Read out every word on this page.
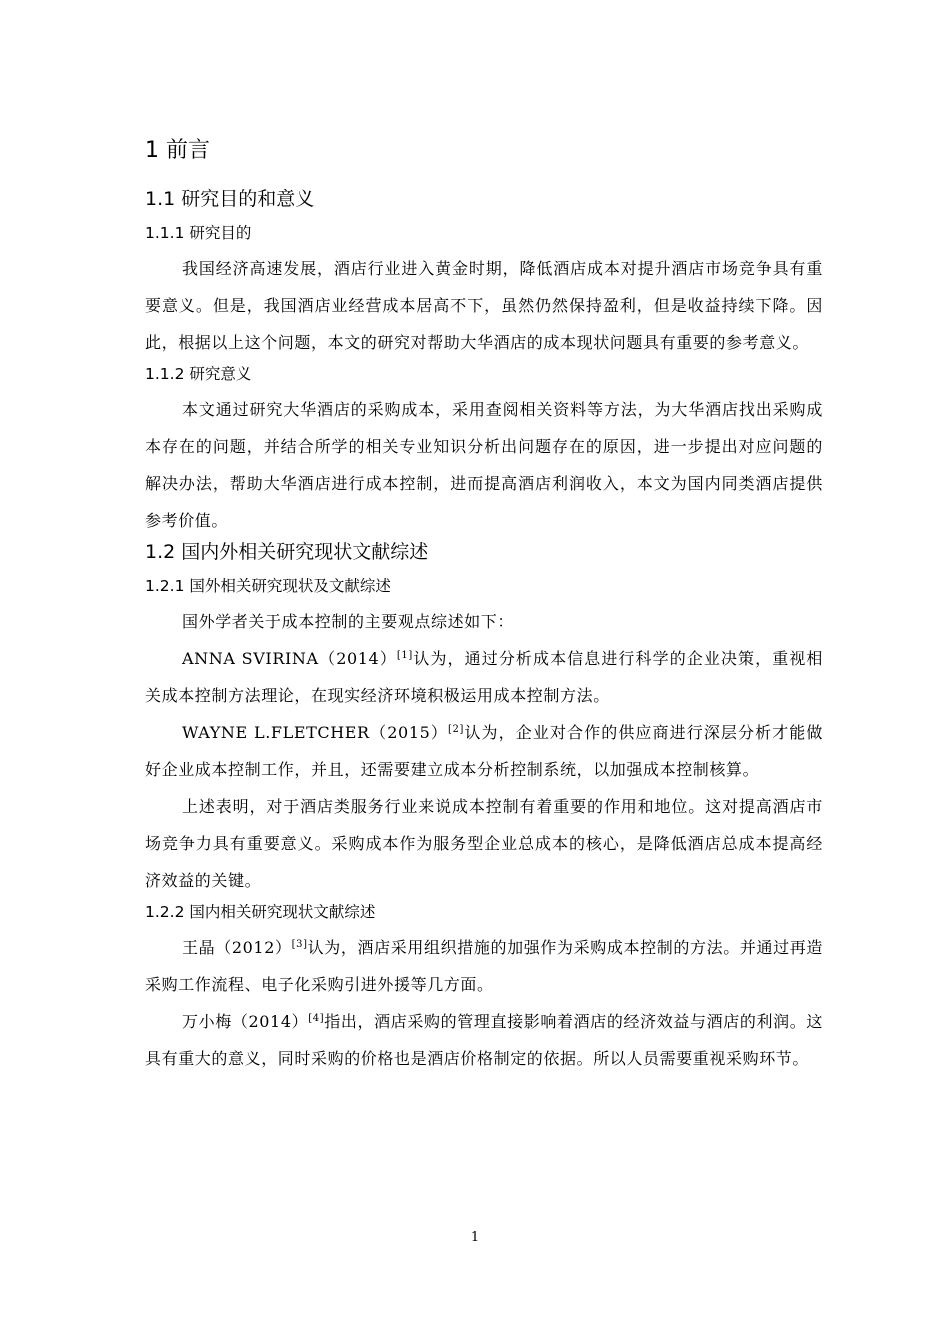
1 前言
1.1 研究目的和意义
1.1.1 研究目的

我国经济高速发展，酒店行业进入黄金时期，降低酒店成本对提升酒店市场竞争具有重要意义。但是，我国酒店业经营成本居高不下，虽然仍然保持盈利，但是收益持续下降。因此，根据以上这个问题，本文的研究对帮助大华酒店的成本现状问题具有重要的参考意义。

1.1.2 研究意义

本文通过研究大华酒店的采购成本，采用查阅相关资料等方法，为大华酒店找出采购成本存在的问题，并结合所学的相关专业知识分析出问题存在的原因，进一步提出对应问题的解决办法，帮助大华酒店进行成本控制，进而提高酒店利润收入，本文为国内同类酒店提供参考价值。

1.2 国内外相关研究现状文献综述
1.2.1 国外相关研究现状及文献综述

国外学者关于成本控制的主要观点综述如下：

ANNA SVIRINA（2014）[1]认为，通过分析成本信息进行科学的企业决策，重视相关成本控制方法理论，在现实经济环境积极运用成本控制方法。

WAYNE L.FLETCHER（2015）[2]认为，企业对合作的供应商进行深层分析才能做好企业成本控制工作，并且，还需要建立成本分析控制系统，以加强成本控制核算。

上述表明，对于酒店类服务行业来说成本控制有着重要的作用和地位。这对提高酒店市场竞争力具有重要意义。采购成本作为服务型企业总成本的核心，是降低酒店总成本提高经济效益的关键。

1.2.2 国内相关研究现状文献综述

王晶（2012）[3]认为，酒店采用组织措施的加强作为采购成本控制的方法。并通过再造采购工作流程、电子化采购引进外援等几方面。

万小梅（2014）[4]指出，酒店采购的管理直接影响着酒店的经济效益与酒店的利润。这具有重大的意义，同时采购的价格也是酒店价格制定的依据。所以人员需要重视采购环节。

1
